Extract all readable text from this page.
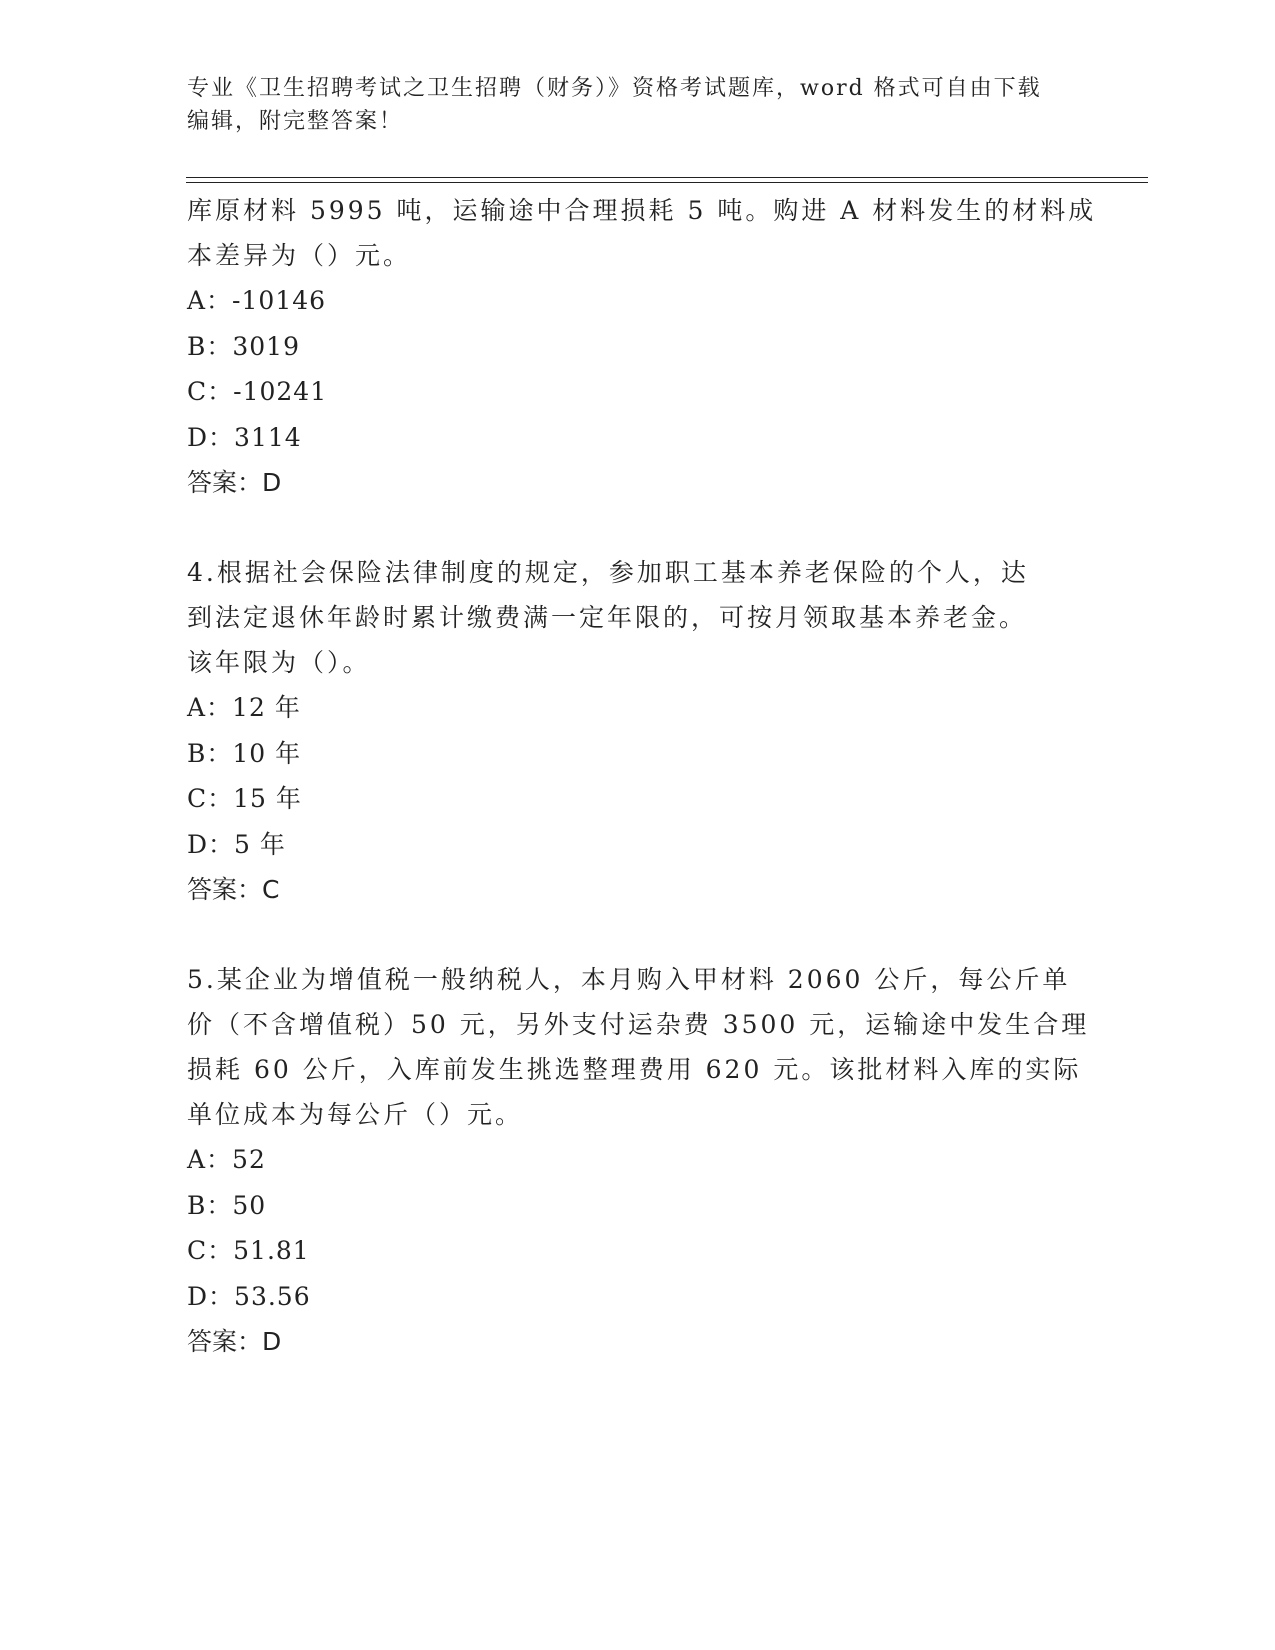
专业《卫生招聘考试之卫生招聘（财务）》资格考试题库，word 格式可自由下载
编辑，附完整答案！
库原材料 5995 吨，运输途中合理损耗 5 吨。购进 A 材料发生的材料成
本差异为（）元。
A：-10146
B：3019
C：-10241
D：3114
答案：D
4.根据社会保险法律制度的规定，参加职工基本养老保险的个人，达
到法定退休年龄时累计缴费满一定年限的，可按月领取基本养老金。
该年限为（）。
A：12 年
B：10 年
C：15 年
D：5 年
答案：C
5.某企业为增值税一般纳税人，本月购入甲材料 2060 公斤，每公斤单
价（不含增值税）50 元，另外支付运杂费 3500 元，运输途中发生合理
损耗 60 公斤，入库前发生挑选整理费用 620 元。该批材料入库的实际
单位成本为每公斤（）元。
A：52
B：50
C：51.81
D：53.56
答案：D
